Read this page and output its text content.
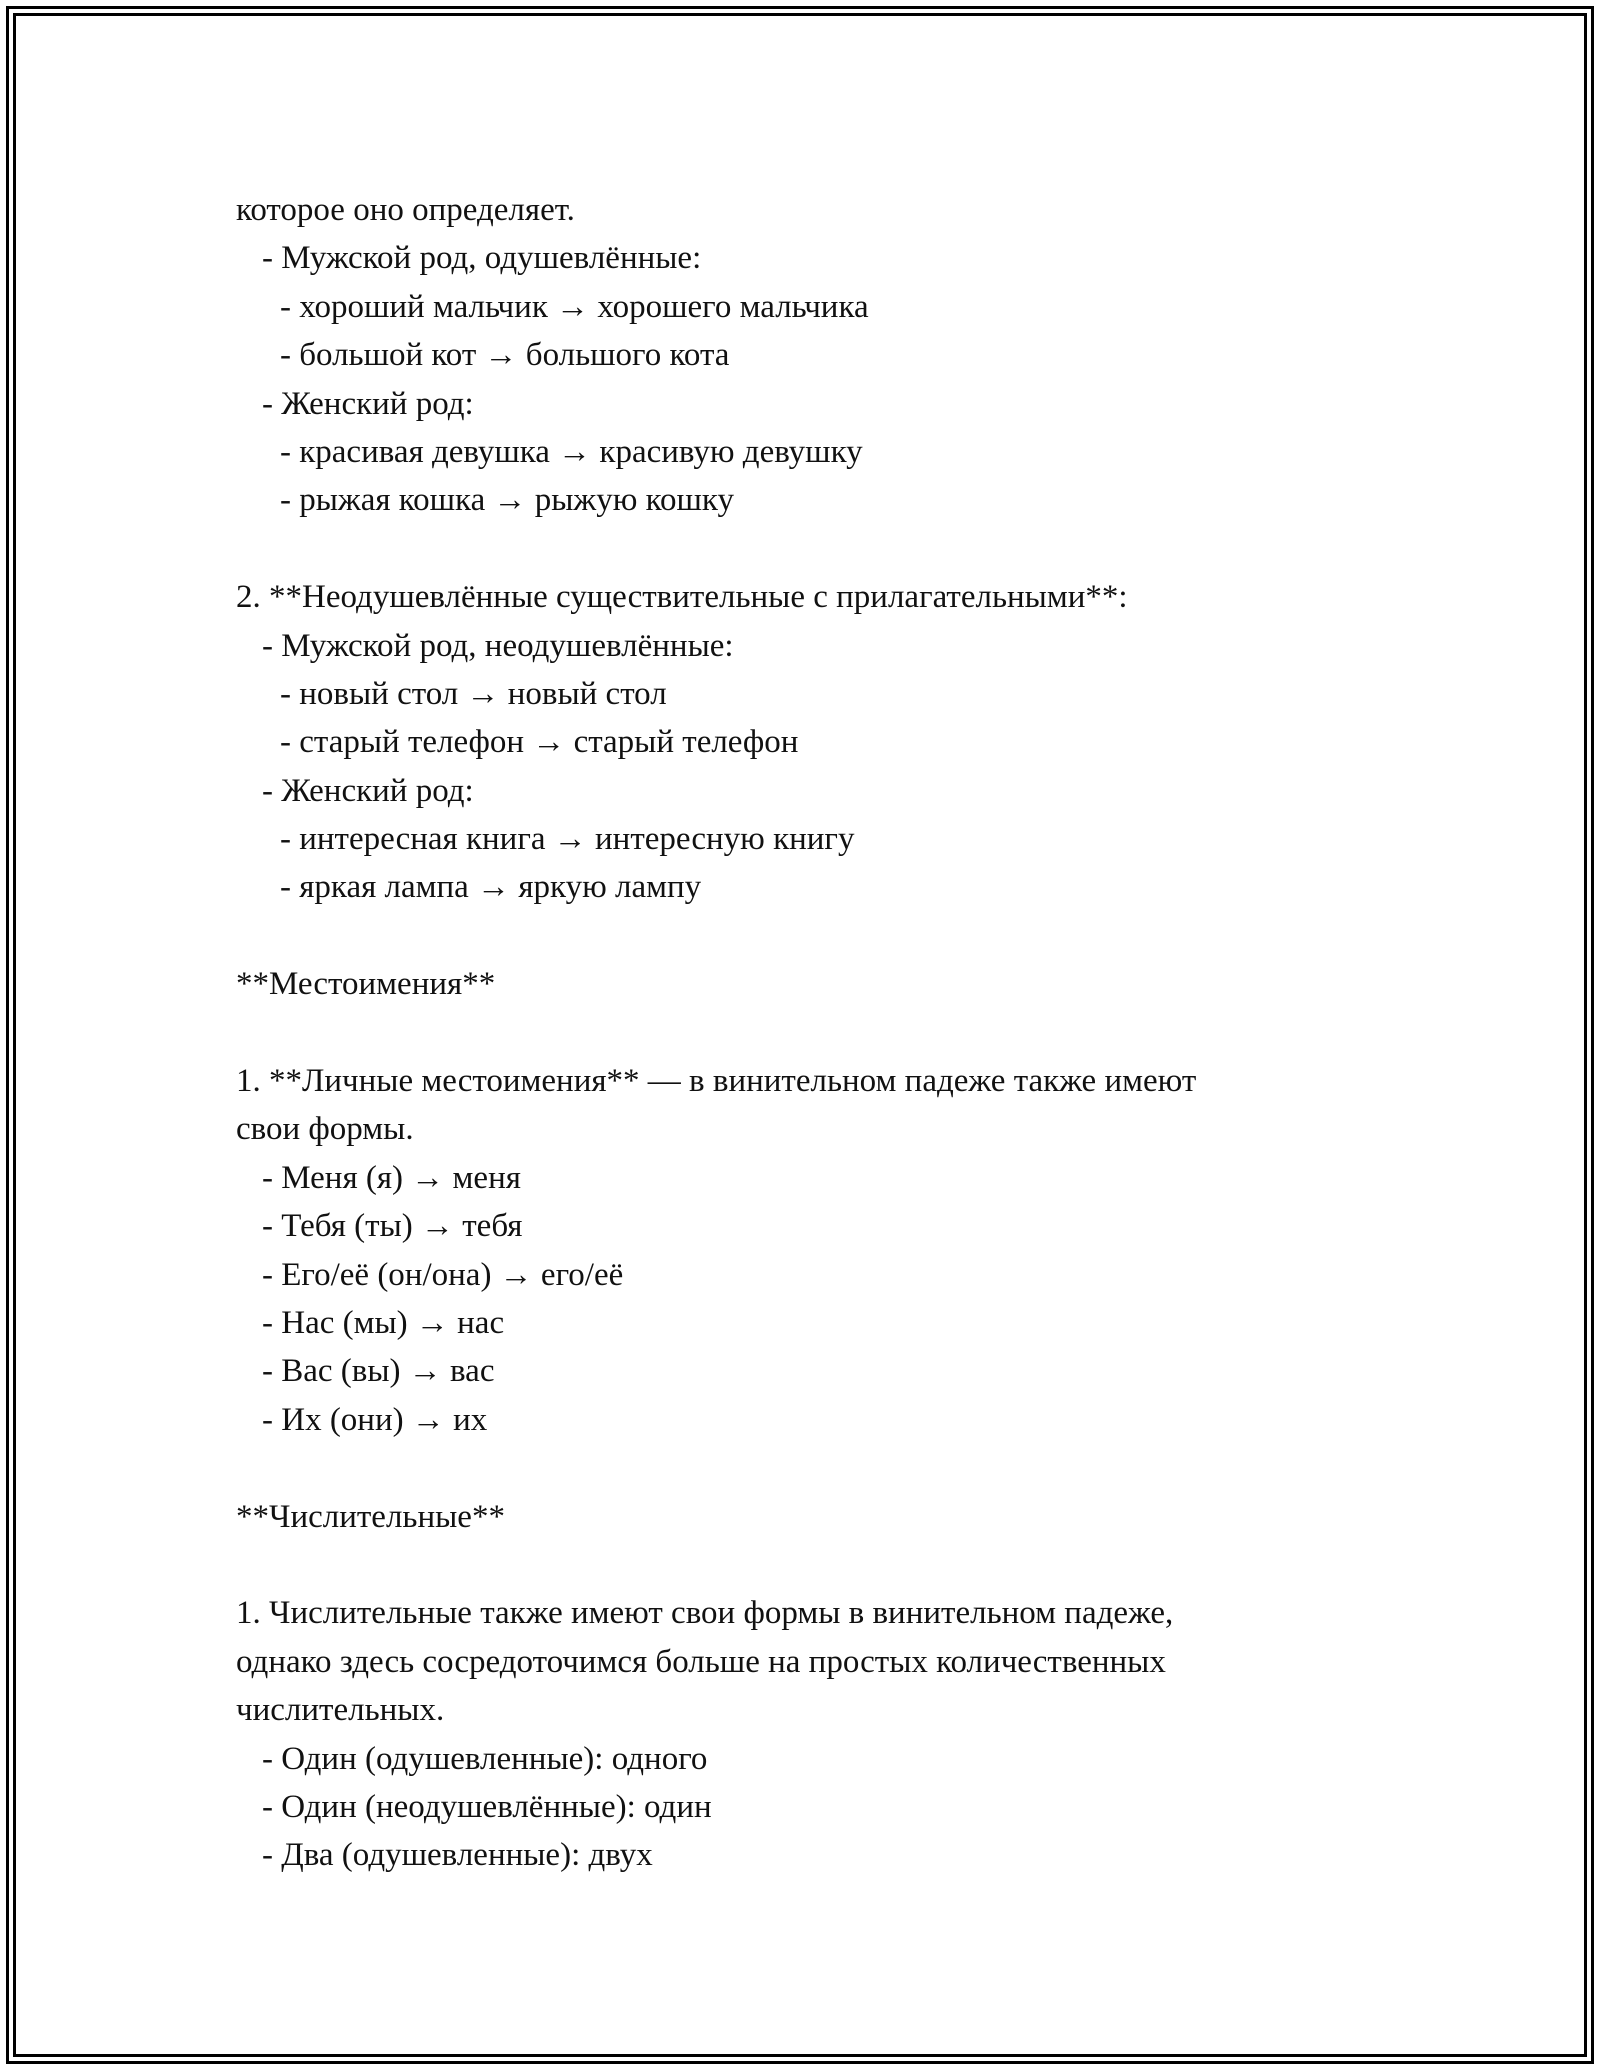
которое оно определяет.
- Мужской род, одушевлённые:
- хороший мальчик → хорошего мальчика
- большой кот → большого кота
- Женский род:
- красивая девушка → красивую девушку
- рыжая кошка → рыжую кошку
2. **Неодушевлённые существительные с прилагательными**:
- Мужской род, неодушевлённые:
- новый стол → новый стол
- старый телефон → старый телефон
- Женский род:
- интересная книга → интересную книгу
- яркая лампа → яркую лампу
**Местоимения**
1. **Личные местоимения** — в винительном падеже также имеют
свои формы.
- Меня (я) → меня
- Тебя (ты) → тебя
- Его/её (он/она) → его/её
- Нас (мы) → нас
- Вас (вы) → вас
- Их (они) → их
**Числительные**
1. Числительные также имеют свои формы в винительном падеже,
однако здесь сосредоточимся больше на простых количественных
числительных.
- Один (одушевленные): одного
- Один (неодушевлённые): один
- Два (одушевленные): двух
